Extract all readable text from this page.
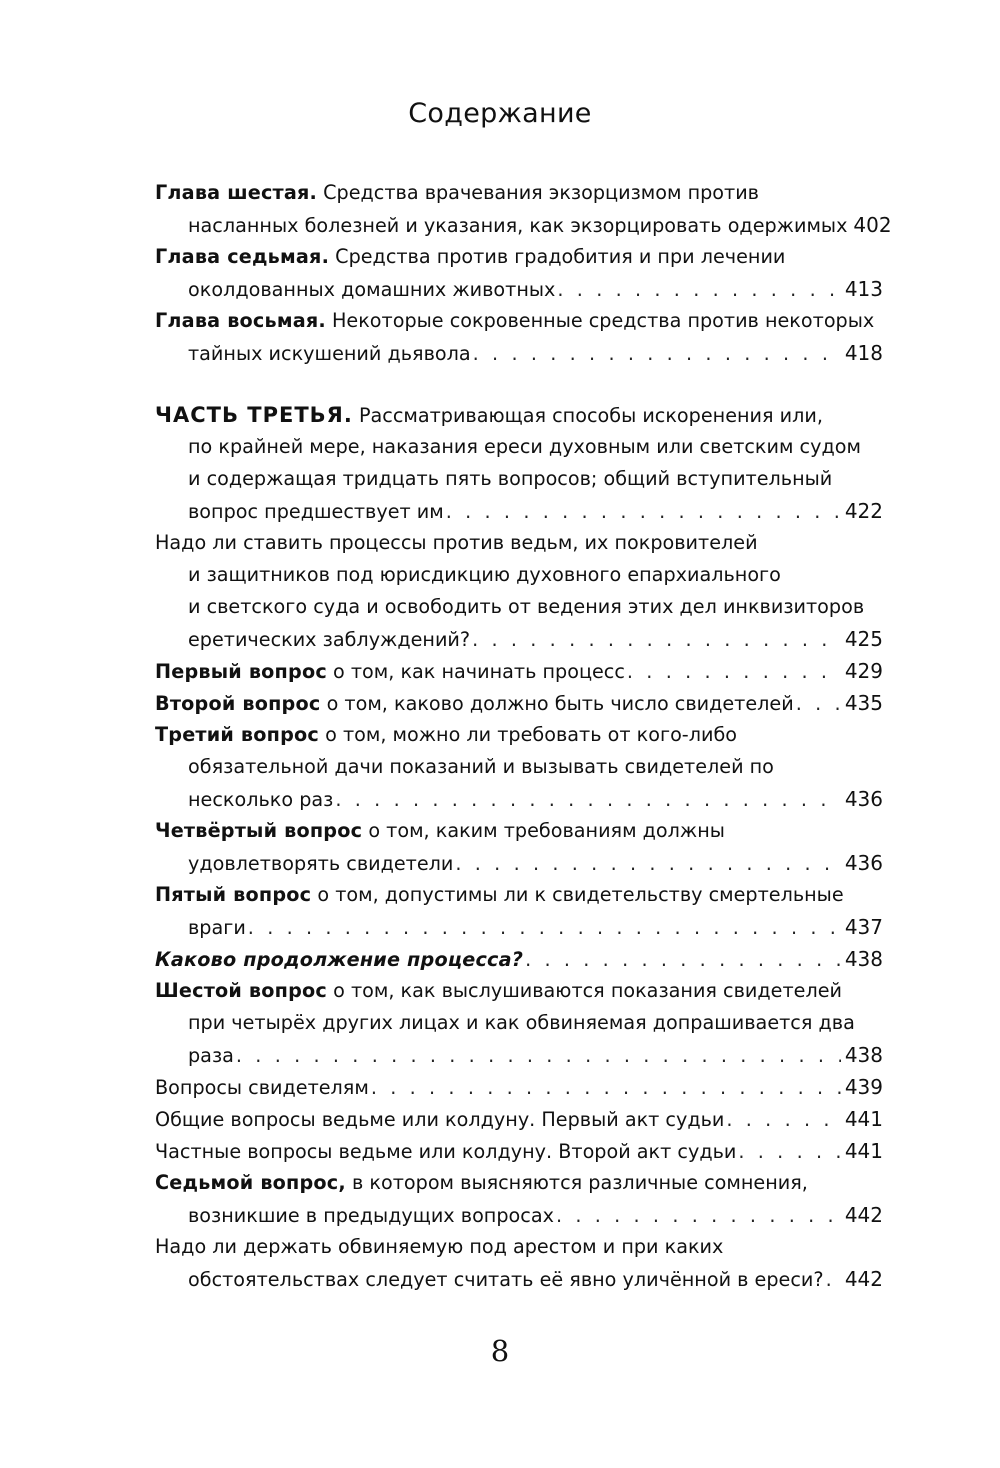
Содержание
Глава шестая. Средства врачевания экзорцизмом против
насланных болезней и указания, как экзорцировать одержимых 402
Глава седьмая. Средства против градобития и при лечении
околдованных домашних животных . . .	413
Глава восьмая. Некоторые сокровенные средства против некоторых
тайных искушений дьявола . . .	418
ЧАСТЬ ТРЕТЬЯ. Рассматривающая способы искоренения или,
по крайней мере, наказания ереси духовным или светским судом
и содержащая тридцать пять вопросов; общий вступительный
вопрос предшествует им . . .	422
Надо ли ставить процессы против ведьм, их покровителей
и защитников под юрисдикцию духовного епархиального
и светского суда и освободить от ведения этих дел инквизиторов
еретических заблуждений? . . .	425
Первый вопрос о том, как начинать процесс . . .	429
Второй вопрос о том, каково должно быть число свидетелей . . .	435
Третий вопрос о том, можно ли требовать от кого-либо
обязательной дачи показаний и вызывать свидетелей по
несколько раз . . .	436
Четвёртый вопрос о том, каким требованиям должны
удовлетворять свидетели . . .	436
Пятый вопрос о том, допустимы ли к свидетельству смертельные
враги . . .	437
Каково продолжение процесса? . . .	438
Шестой вопрос о том, как выслушиваются показания свидетелей
при четырёх других лицах и как обвиняемая допрашивается два
раза . . .	438
Вопросы свидетелям . . .	439
Общие вопросы ведьме или колдуну. Первый акт судьи . . .	441
Частные вопросы ведьме или колдуну. Второй акт судьи . . .	441
Седьмой вопрос, в котором выясняются различные сомнения,
возникшие в предыдущих вопросах . . .	442
Надо ли держать обвиняемую под арестом и при каких
обстоятельствах следует считать её явно уличённой в ереси? . . . 442
8
